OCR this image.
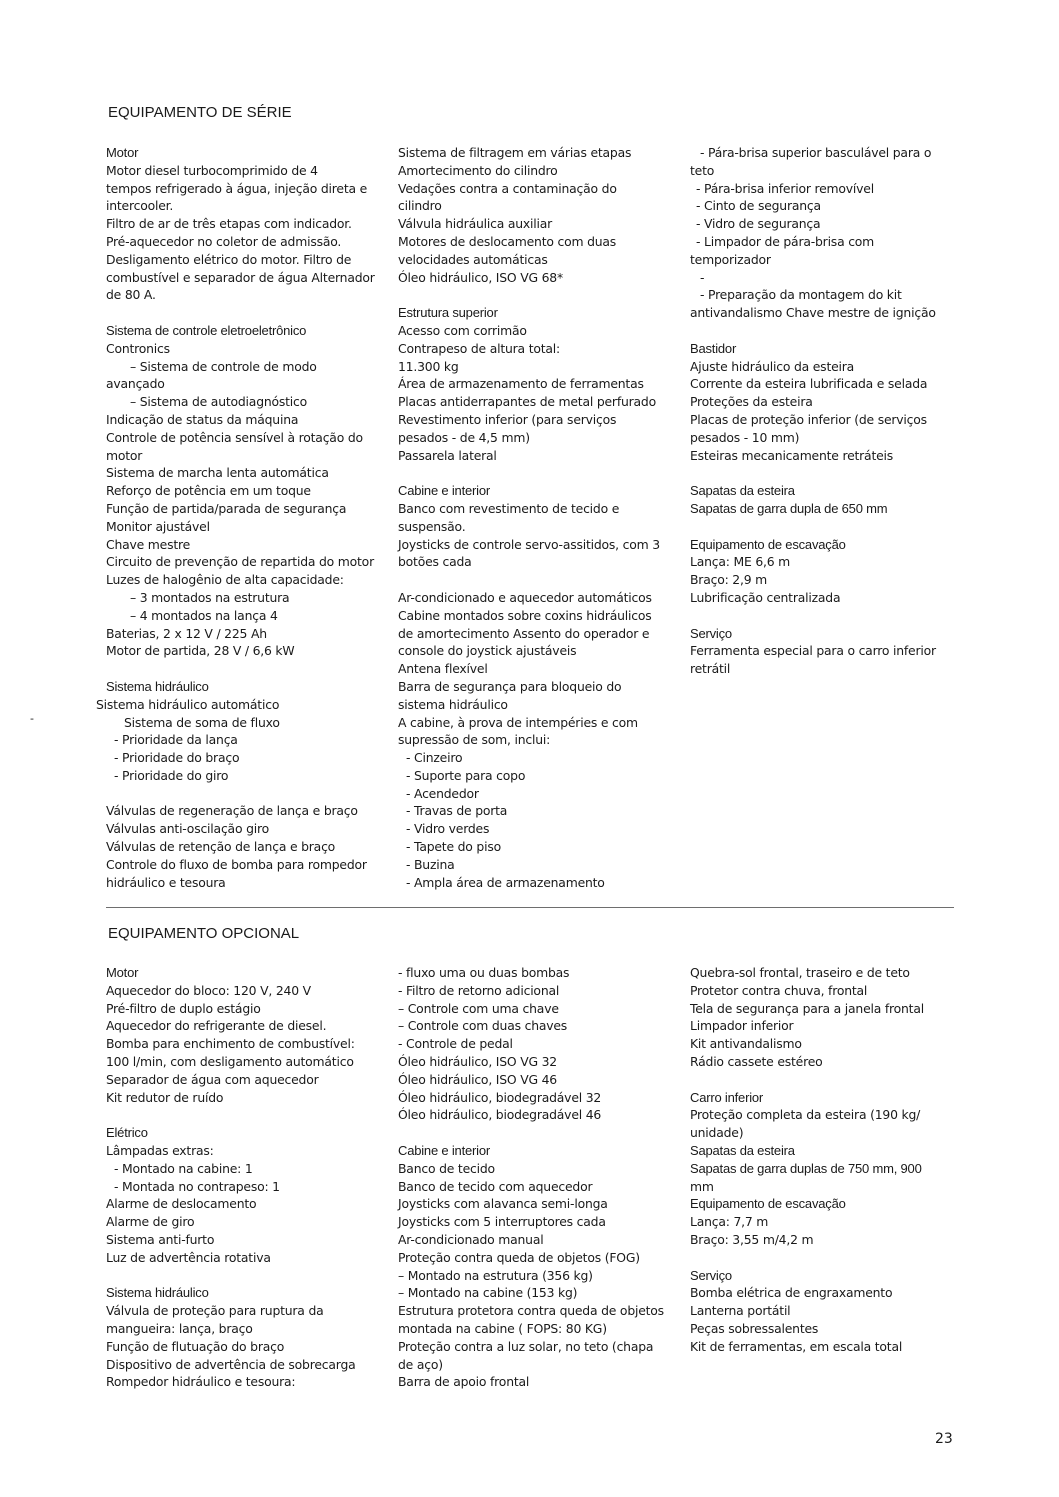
EQUIPAMENTO DE SÉRIE
Motor
Motor diesel turbocomprimido de 4
tempos refrigerado à água, injeção direta e
intercooler.
Filtro de ar de três etapas com indicador.
Pré-aquecedor no coletor de admissão.
Desligamento elétrico do motor. Filtro de
combustível e separador de água Alternador
de 80 A.
Sistema de controle eletroeletrônico
Contronics
– Sistema de controle de modo
avançado
– Sistema de autodiagnóstico
Indicação de status da máquina
Controle de potência sensível à rotação do
motor
Sistema de marcha lenta automática
Reforço de potência em um toque
Função de partida/parada de segurança
Monitor ajustável
Chave mestre
Circuito de prevenção de repartida do motor
Luzes de halogênio de alta capacidade:
– 3 montados na estrutura
– 4 montados na lança 4
Baterias, 2 x 12 V / 225 Ah
Motor de partida, 28 V / 6,6 kW
Sistema hidráulico
Sistema hidráulico automático
Sistema de soma de fluxo
- Prioridade da lança
- Prioridade do braço
- Prioridade do giro
Válvulas de regeneração de lança e braço
Válvulas anti-oscilação giro
Válvulas de retenção de lança e braço
Controle do fluxo de bomba para rompedor
hidráulico e tesoura
Sistema de filtragem em várias etapas
Amortecimento do cilindro
Vedações contra a contaminação do
cilindro
Válvula hidráulica auxiliar
Motores de deslocamento com duas
velocidades automáticas
Óleo hidráulico, ISO VG 68*
Estrutura superior
Acesso com corrimão
Contrapeso de altura total:
11.300 kg
Área de armazenamento de ferramentas
Placas antiderrapantes de metal perfurado
Revestimento inferior (para serviços
pesados - de 4,5 mm)
Passarela lateral
Cabine e interior
Banco com revestimento de tecido e
suspensão.
Joysticks de controle servo-assitidos, com 3
botões cada
Ar-condicionado e aquecedor automáticos
Cabine montados sobre coxins hidráulicos
de amortecimento Assento do operador e
console do joystick ajustáveis
Antena flexível
Barra de segurança para bloqueio do
sistema hidráulico
A cabine, à prova de intempéries e com
supressão de som, inclui:
- Cinzeiro
- Suporte para copo
- Acendedor
- Travas de porta
- Vidro verdes
- Tapete do piso
- Buzina
- Ampla área de armazenamento
- Pára-brisa superior basculável para o
teto
- Pára-brisa inferior removível
- Cinto de segurança
- Vidro de segurança
- Limpador de pára-brisa com
temporizador
-
- Preparação da montagem do kit
antivandalismo Chave mestre de ignição
Bastidor
Ajuste hidráulico da esteira
Corrente da esteira lubrificada e selada
Proteções da esteira
Placas de proteção inferior (de serviços
pesados - 10 mm)
Esteiras mecanicamente retráteis
Sapatas da esteira
Sapatas de garra dupla de 650 mm
Equipamento de escavação
Lança: ME 6,6 m
Braço: 2,9 m
Lubrificação centralizada
Serviço
Ferramenta especial para o carro inferior
retrátil
-
EQUIPAMENTO OPCIONAL
Motor
Aquecedor do bloco: 120 V, 240 V
Pré-filtro de duplo estágio
Aquecedor do refrigerante de diesel.
Bomba para enchimento de combustível:
100 l/min, com desligamento automático
Separador de água com aquecedor
Kit redutor de ruído
Elétrico
Lâmpadas extras:
- Montado na cabine: 1
- Montada no contrapeso: 1
Alarme de deslocamento
Alarme de giro
Sistema anti-furto
Luz de advertência rotativa
Sistema hidráulico
Válvula de proteção para ruptura da
mangueira: lança, braço
Função de flutuação do braço
Dispositivo de advertência de sobrecarga
Rompedor hidráulico e tesoura:
- fluxo uma ou duas bombas
- Filtro de retorno adicional
– Controle com uma chave
– Controle com duas chaves
- Controle de pedal
Óleo hidráulico, ISO VG 32
Óleo hidráulico, ISO VG 46
Óleo hidráulico, biodegradável 32
Óleo hidráulico, biodegradável 46
Cabine e interior
Banco de tecido
Banco de tecido com aquecedor
Joysticks com alavanca semi-longa
Joysticks com 5 interruptores cada
Ar-condicionado manual
Proteção contra queda de objetos (FOG)
– Montado na estrutura (356 kg)
– Montado na cabine (153 kg)
Estrutura protetora contra queda de objetos
montada na cabine ( FOPS: 80 KG)
Proteção contra a luz solar, no teto (chapa
de aço)
Barra de apoio frontal
Quebra-sol frontal, traseiro e de teto
Protetor contra chuva, frontal
Tela de segurança para a janela frontal
Limpador inferior
Kit antivandalismo
Rádio cassete estéreo
Carro inferior
Proteção completa da esteira (190 kg/
unidade)
Sapatas da esteira
Sapatas de garra duplas de 750 mm, 900
mm
Equipamento de escavação
Lança: 7,7 m
Braço: 3,55 m/4,2 m
Serviço
Bomba elétrica de engraxamento
Lanterna portátil
Peças sobressalentes
Kit de ferramentas, em escala total
23
